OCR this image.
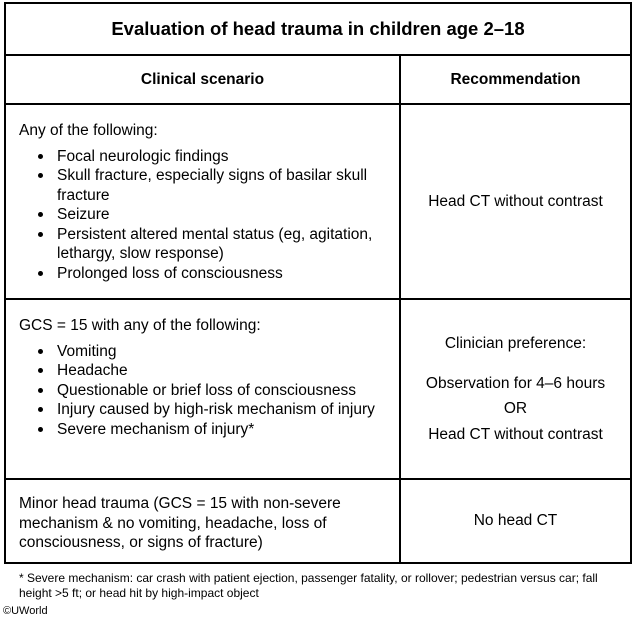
Evaluation of head trauma in children age 2–18
Clinical scenario	Recommendation
Any of the following:
Focal neurologic findings
Skull fracture, especially signs of basilar skull fracture
Seizure
Persistent altered mental status (eg, agitation, lethargy, slow response)
Prolonged loss of consciousness
Head CT without contrast
GCS = 15 with any of the following:
Vomiting
Headache
Questionable or brief loss of consciousness
Injury caused by high-risk mechanism of injury
Severe mechanism of injury*
Clinician preference:
Observation for 4–6 hours
OR
Head CT without contrast
Minor head trauma (GCS = 15 with non-severe mechanism & no vomiting, headache, loss of consciousness, or signs of fracture)
No head CT
* Severe mechanism: car crash with patient ejection, passenger fatality, or rollover; pedestrian versus car; fall height >5 ft; or head hit by high-impact object
©UWorld
